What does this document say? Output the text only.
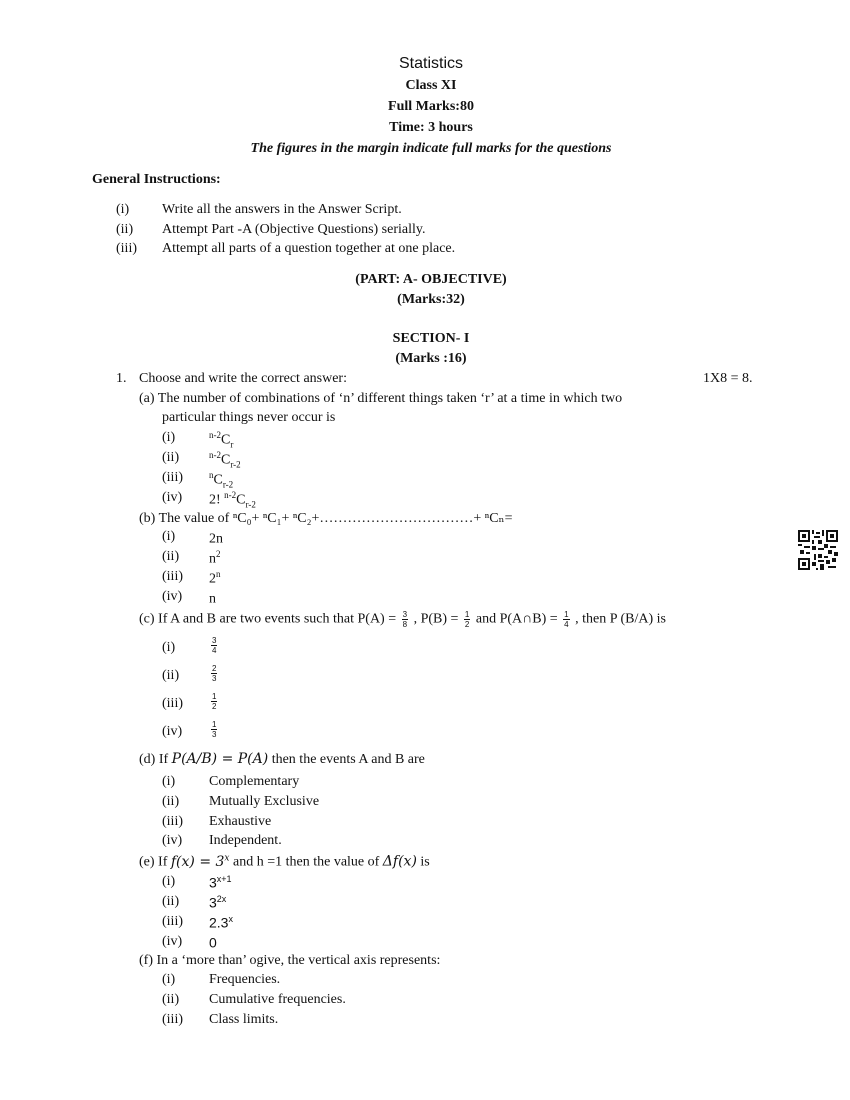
Statistics
Class XI
Full Marks:80
Time: 3 hours
The figures in the margin indicate full marks for the questions
General Instructions:
(i) Write all the answers in the Answer Script.
(ii) Attempt Part -A (Objective Questions) serially.
(iii) Attempt all parts of a question together at one place.
(PART: A- OBJECTIVE)
(Marks:32)
SECTION- I
(Marks :16)
1. Choose and write the correct answer:	1X8 = 8.
(a) The number of combinations of ‘n’ different things taken ‘r’ at a time in which two
particular things never occur is
(i)	$^{n-2}C_r$
(ii)	$^{n-2}C_{r-2}$
(iii)	$^nC_{r-2}$
(iv) 2! $^{n-2}C_{r-2}$
(b) The value of ⁿC₀+ ⁿC₁+ ⁿC₂+……………………………+ ⁿCₙ=
(i) 2n
(ii) $n^2$
(iii) 2$^n$
(iv) n
(c) If A and B are two events such that $P(A) = \frac{3}{8}$ , $P(B) = \frac{1}{2}$ and P(A∩B) = $\frac{1}{4}$ , then P (B/A) is
(i)	$\frac{3}{4}$
(ii)	$\frac{2}{3}$
(iii)	$\frac{1}{2}$
(iv)	$\frac{1}{3}$
(d) If P(A/B) = P(A) then the events A and B are
(i) Complementary
(ii) Mutually Exclusive
(iii) Exhaustive
(iv) Independent.
(e) If $f(x) = 3^x$ and h =1 then the value of Δf(x) is
(i) $3^{x+1}$
(ii) $3^{2x}$
(iii) 2.3$^x$
(iv) 0
(f) In a ‘more than’ ogive, the vertical axis represents:
(i) Frequencies.
(ii) Cumulative frequencies.
(iii) Class limits.
